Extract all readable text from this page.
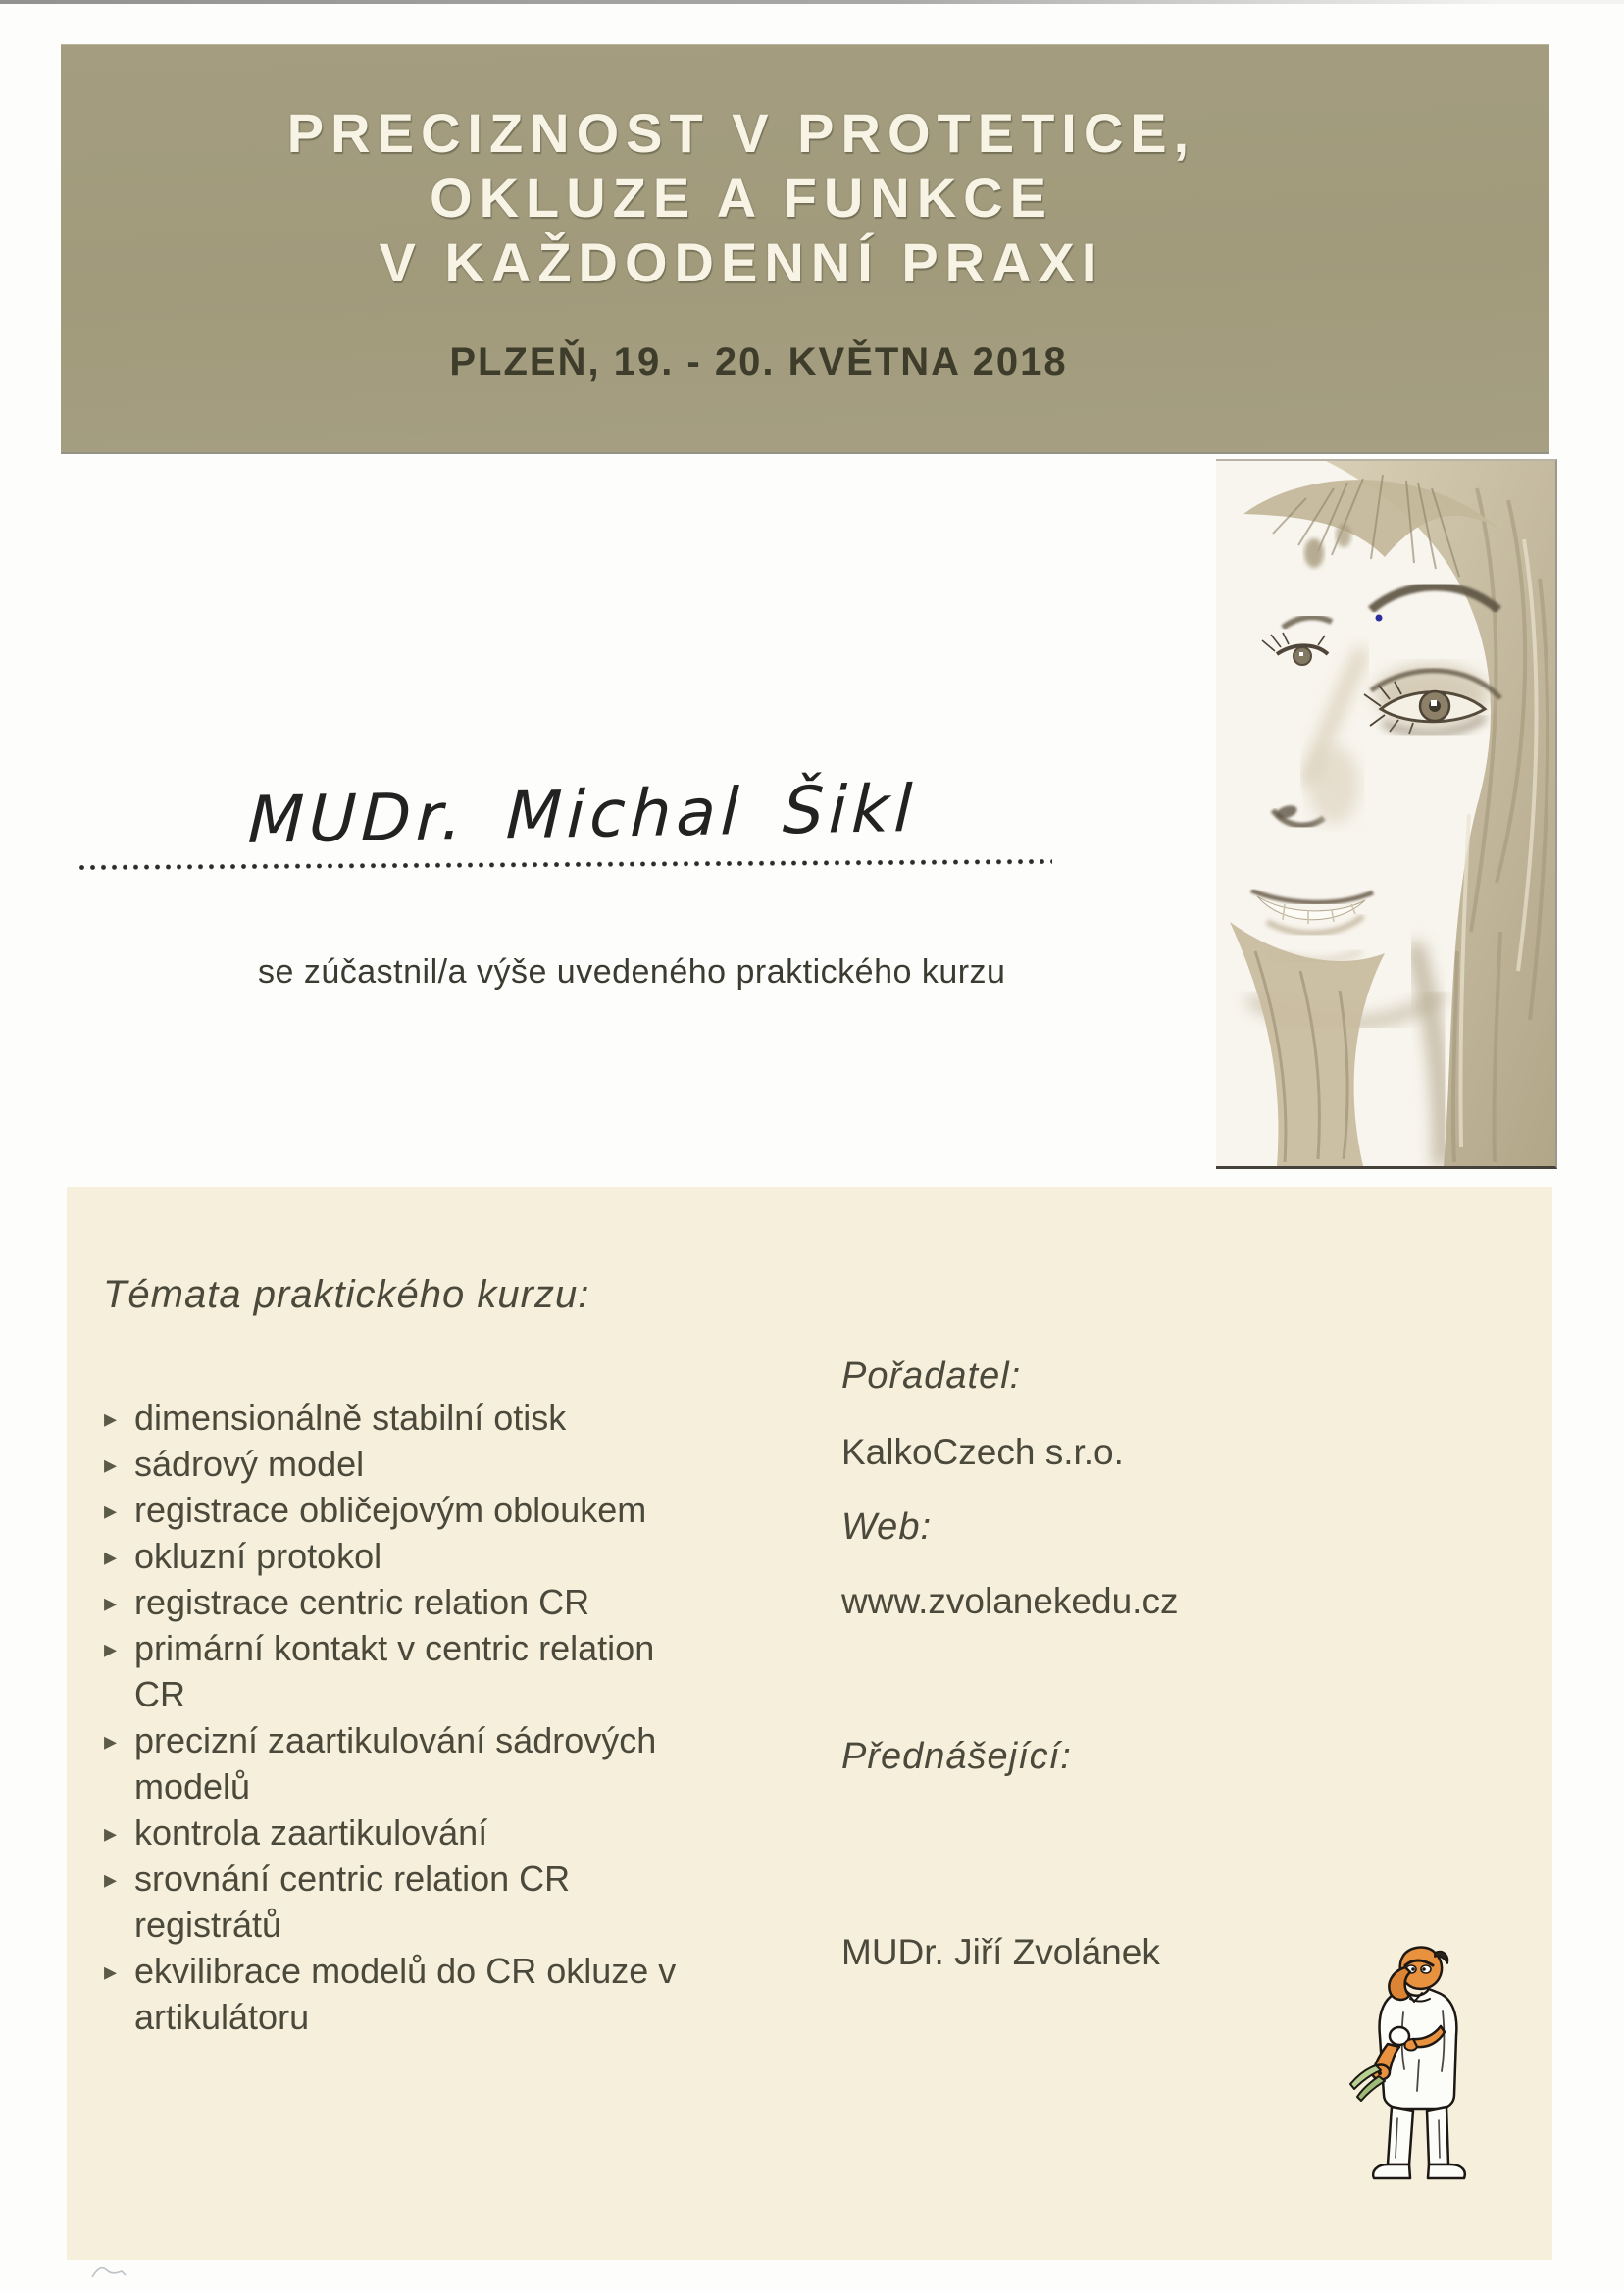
PRECIZNOST V PROTETICE,
OKLUZE A FUNKCE
V KAŽDODENNÍ PRAXI
PLZEŇ, 19. - 20. KVĚTNA 2018
MUDr. Michal Šikl
se zúčastnil/a výše uvedeného praktického kurzu
Témata praktického kurzu:
▸ dimensionálně stabilní otisk
▸ sádrový model
▸ registrace obličejovým obloukem
▸ okluzní protokol
▸ registrace centric relation CR
▸ primární kontakt v centric relation CR
▸ precizní zaartikulování sádrových modelů
▸ kontrola zaartikulování
▸ srovnání centric relation CR registrátů
▸ ekvilibrace modelů do CR okluze v artikulátoru
Pořadatel:
KalkoCzech s.r.o.
Web:
www.zvolanekedu.cz
Přednášející:
MUDr. Jiří Zvolánek
